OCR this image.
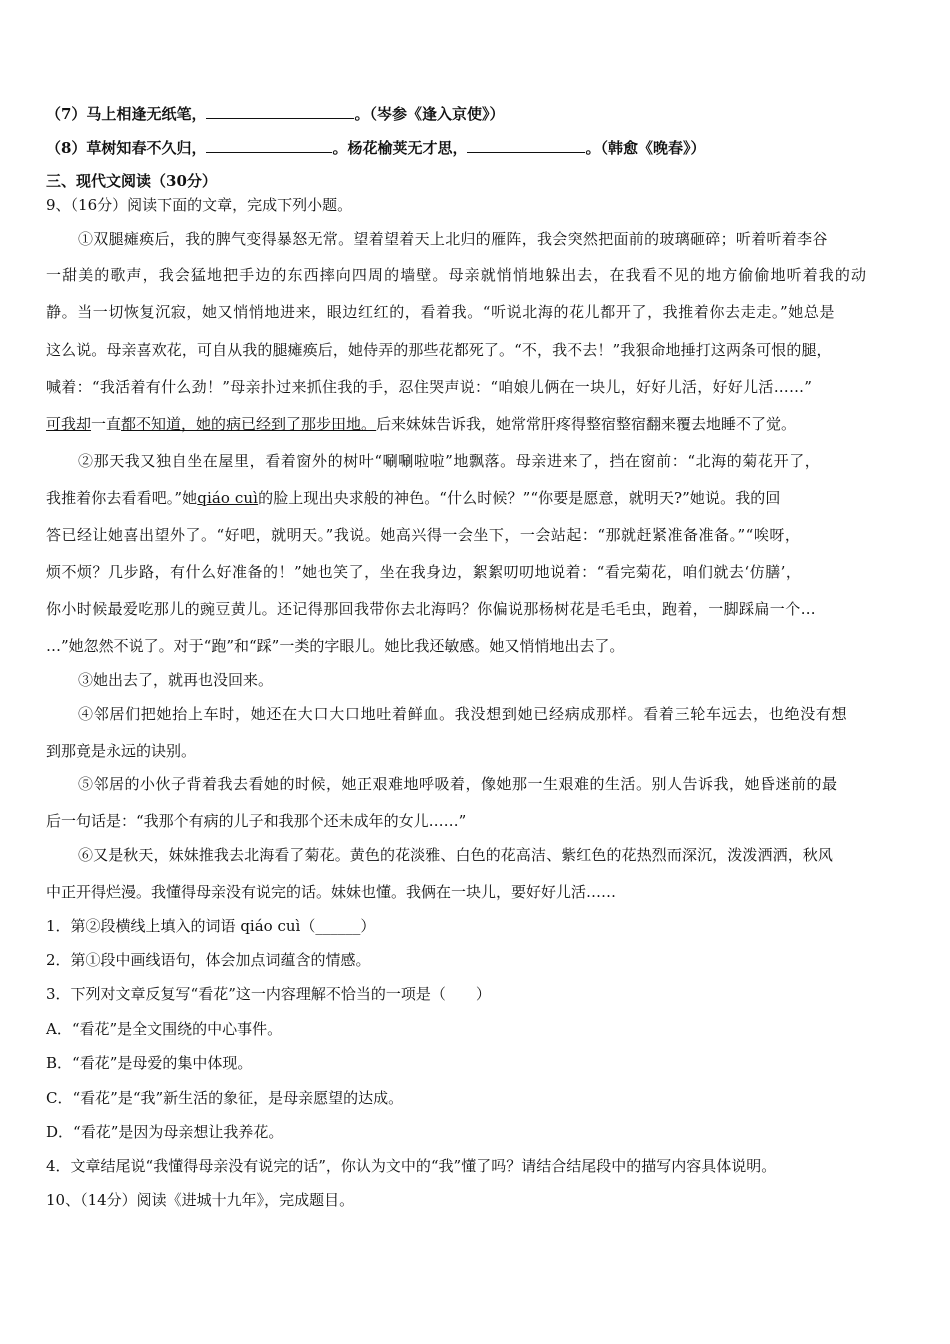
（7）马上相逢无纸笔，	。（岑参《逢入京使》）
（8）草树知春不久归，	。杨花榆荚无才思，	。（韩愈《晚春》）
三、现代文阅读（30分）
9、（16分）阅读下面的文章，完成下列小题。
①双腿瘫痪后，我的脾气变得暴怒无常。望着望着天上北归的雁阵，我会突然把面前的玻璃砸碎；听着听着李谷
一甜美的歌声，我会猛地把手边的东西摔向四周的墙壁。母亲就悄悄地躲出去，在我看不见的地方偷偷地听着我的动
静。当一切恢复沉寂，她又悄悄地进来，眼边红红的，看着我。“听说北海的花儿都开了，我推着你去走走。”她总是
这么说。母亲喜欢花，可自从我的腿瘫痪后，她侍弄的那些花都死了。“不，我不去！”我狠命地捶打这两条可恨的腿，
喊着：“我活着有什么劲！”母亲扑过来抓住我的手，忍住哭声说：“咱娘儿俩在一块儿，好好儿活，好好儿活……”
可我却一直都不知道，她的病已经到了那步田地。后来妹妹告诉我，她常常肝疼得整宿整宿翻来覆去地睡不了觉。
②那天我又独自坐在屋里，看着窗外的树叶“唰唰啦啦”地飘落。母亲进来了，挡在窗前：“北海的菊花开了，
我推着你去看看吧。”她qiáo cuì的脸上现出央求般的神色。“什么时候？”“你要是愿意，就明天?”她说。我的回
答已经让她喜出望外了。“好吧，就明天。”我说。她高兴得一会坐下，一会站起：“那就赶紧准备准备。”“唉呀，
烦不烦？几步路，有什么好准备的！”她也笑了，坐在我身边，絮絮叨叨地说着：“看完菊花，咱们就去‘仿膳’，
你小时候最爱吃那儿的豌豆黄儿。还记得那回我带你去北海吗？你偏说那杨树花是毛毛虫，跑着，一脚踩扁一个…
…”她忽然不说了。对于“跑”和“踩”一类的字眼儿。她比我还敏感。她又悄悄地出去了。
③她出去了，就再也没回来。
④邻居们把她抬上车时，她还在大口大口地吐着鲜血。我没想到她已经病成那样。看着三轮车远去，也绝没有想
到那竟是永远的诀别。
⑤邻居的小伙子背着我去看她的时候，她正艰难地呼吸着，像她那一生艰难的生活。别人告诉我，她昏迷前的最
后一句话是：“我那个有病的儿子和我那个还未成年的女儿……”
⑥又是秋天，妹妹推我去北海看了菊花。黄色的花淡雅、白色的花高洁、紫红色的花热烈而深沉，泼泼洒洒，秋风
中正开得烂漫。我懂得母亲没有说完的话。妹妹也懂。我俩在一块儿，要好好儿活……
1．第②段横线上填入的词语 qiáo cuì（______）
2．第①段中画线语句，体会加点词蕴含的情感。
3．下列对文章反复写“看花”这一内容理解不恰当的一项是（　　）
A．“看花”是全文围绕的中心事件。
B．“看花”是母爱的集中体现。
C．“看花”是“我”新生活的象征，是母亲愿望的达成。
D．“看花”是因为母亲想让我养花。
4．文章结尾说“我懂得母亲没有说完的话”，你认为文中的“我”懂了吗？请结合结尾段中的描写内容具体说明。
10、（14分）阅读《进城十九年》，完成题目。
